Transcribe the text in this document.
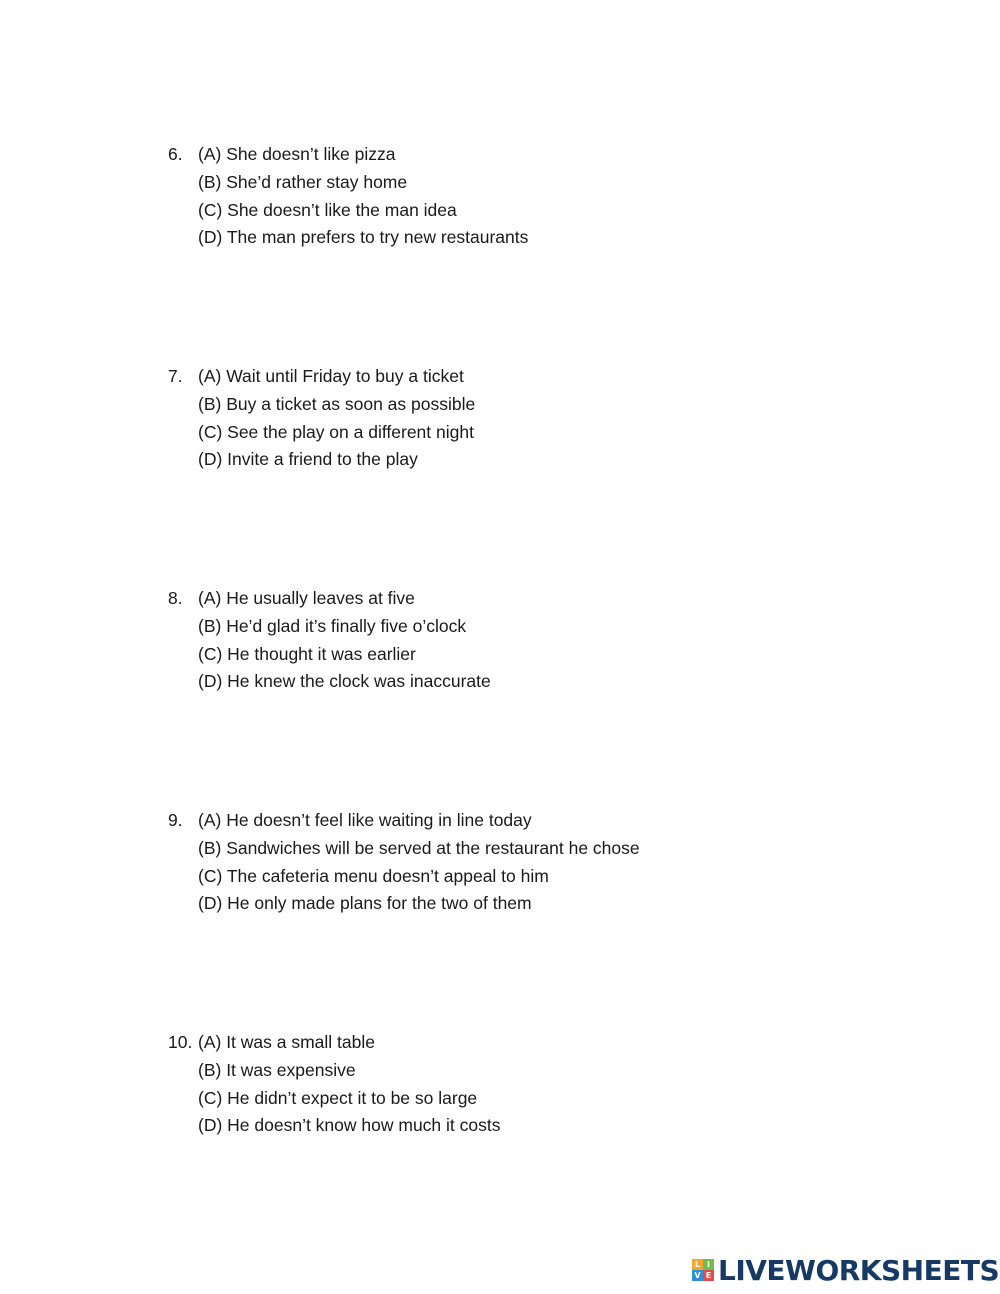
6. (A) She doesn’t like pizza
(B) She’d rather stay home
(C) She doesn’t like the man idea
(D) The man prefers to try new restaurants
7. (A) Wait until Friday to buy a ticket
(B) Buy a ticket as soon as possible
(C) See the play on a different night
(D) Invite a friend to the play
8. (A) He usually leaves at five
(B) He’d glad it’s finally five o’clock
(C) He thought it was earlier
(D) He knew the clock was inaccurate
9. (A) He doesn’t feel like waiting in line today
(B) Sandwiches will be served at the restaurant he chose
(C) The cafeteria menu doesn’t appeal to him
(D) He only made plans for the two of them
10. (A) It was a small table
(B) It was expensive
(C) He didn’t expect it to be so large
(D) He doesn’t know how much it costs
L I
V E LIVEWORKSHEETS
